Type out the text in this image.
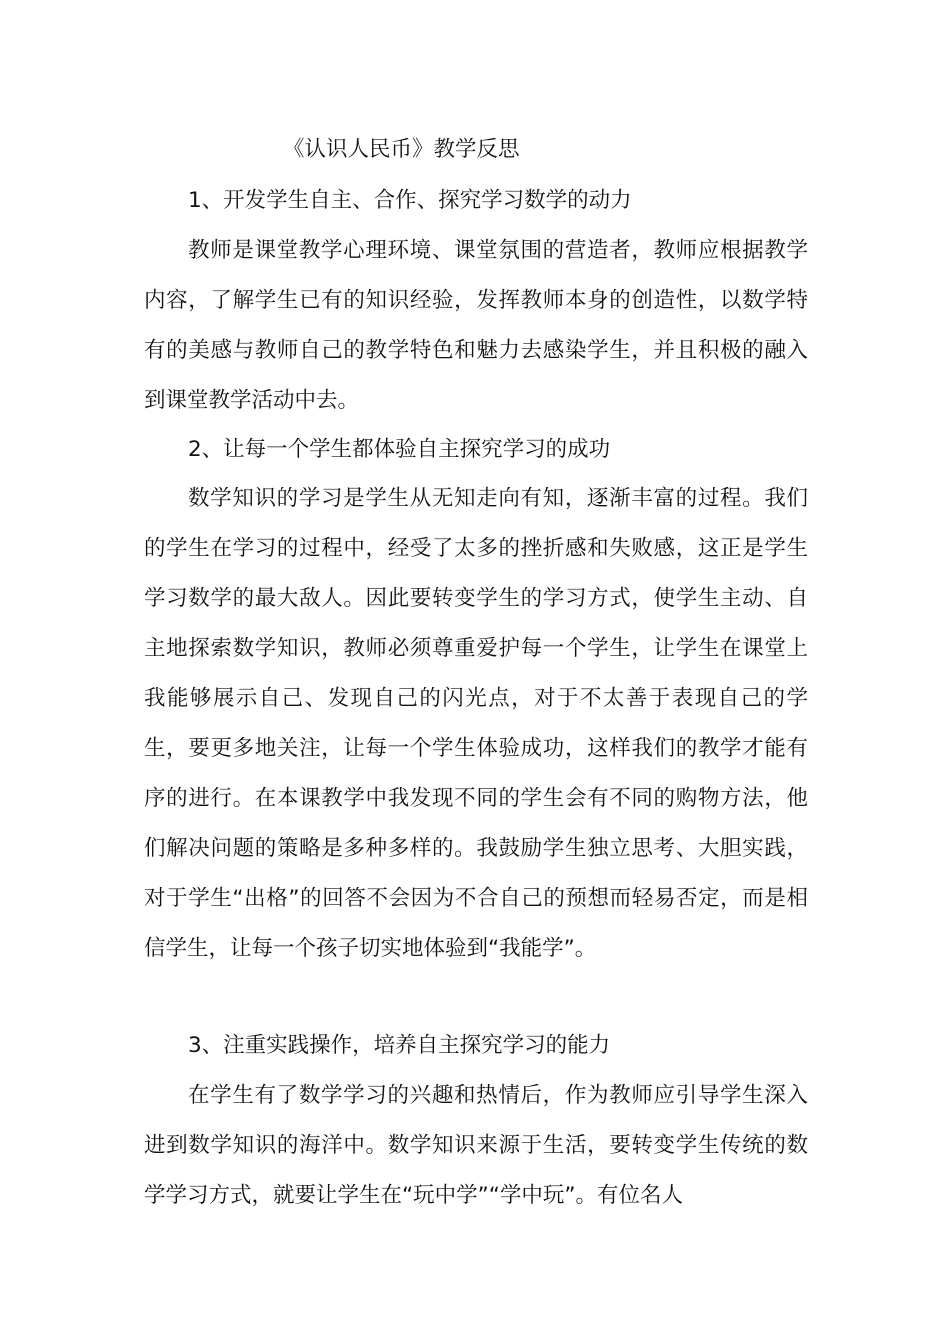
《认识人民币》教学反思
1、开发学生自主、合作、探究学习数学的动力

教师是课堂教学心理环境、课堂氛围的营造者，教师应根据教学内容，了解学生已有的知识经验，发挥教师本身的创造性，以数学特有的美感与教师自己的教学特色和魅力去感染学生，并且积极的融入到课堂教学活动中去。

2、让每一个学生都体验自主探究学习的成功

数学知识的学习是学生从无知走向有知，逐渐丰富的过程。我们的学生在学习的过程中，经受了太多的挫折感和失败感，这正是学生学习数学的最大敌人。因此要转变学生的学习方式，使学生主动、自主地探索数学知识，教师必须尊重爱护每一个学生，让学生在课堂上我能够展示自己、发现自己的闪光点，对于不太善于表现自己的学生，要更多地关注，让每一个学生体验成功，这样我们的教学才能有序的进行。在本课教学中我发现不同的学生会有不同的购物方法，他们解决问题的策略是多种多样的。我鼓励学生独立思考、大胆实践，对于学生“出格”的回答不会因为不合自己的预想而轻易否定，而是相信学生，让每一个孩子切实地体验到“我能学”。

3、注重实践操作，培养自主探究学习的能力

在学生有了数学学习的兴趣和热情后，作为教师应引导学生深入进到数学知识的海洋中。数学知识来源于生活，要转变学生传统的数学学习方式，就要让学生在“玩中学”“学中玩”。有位名人
